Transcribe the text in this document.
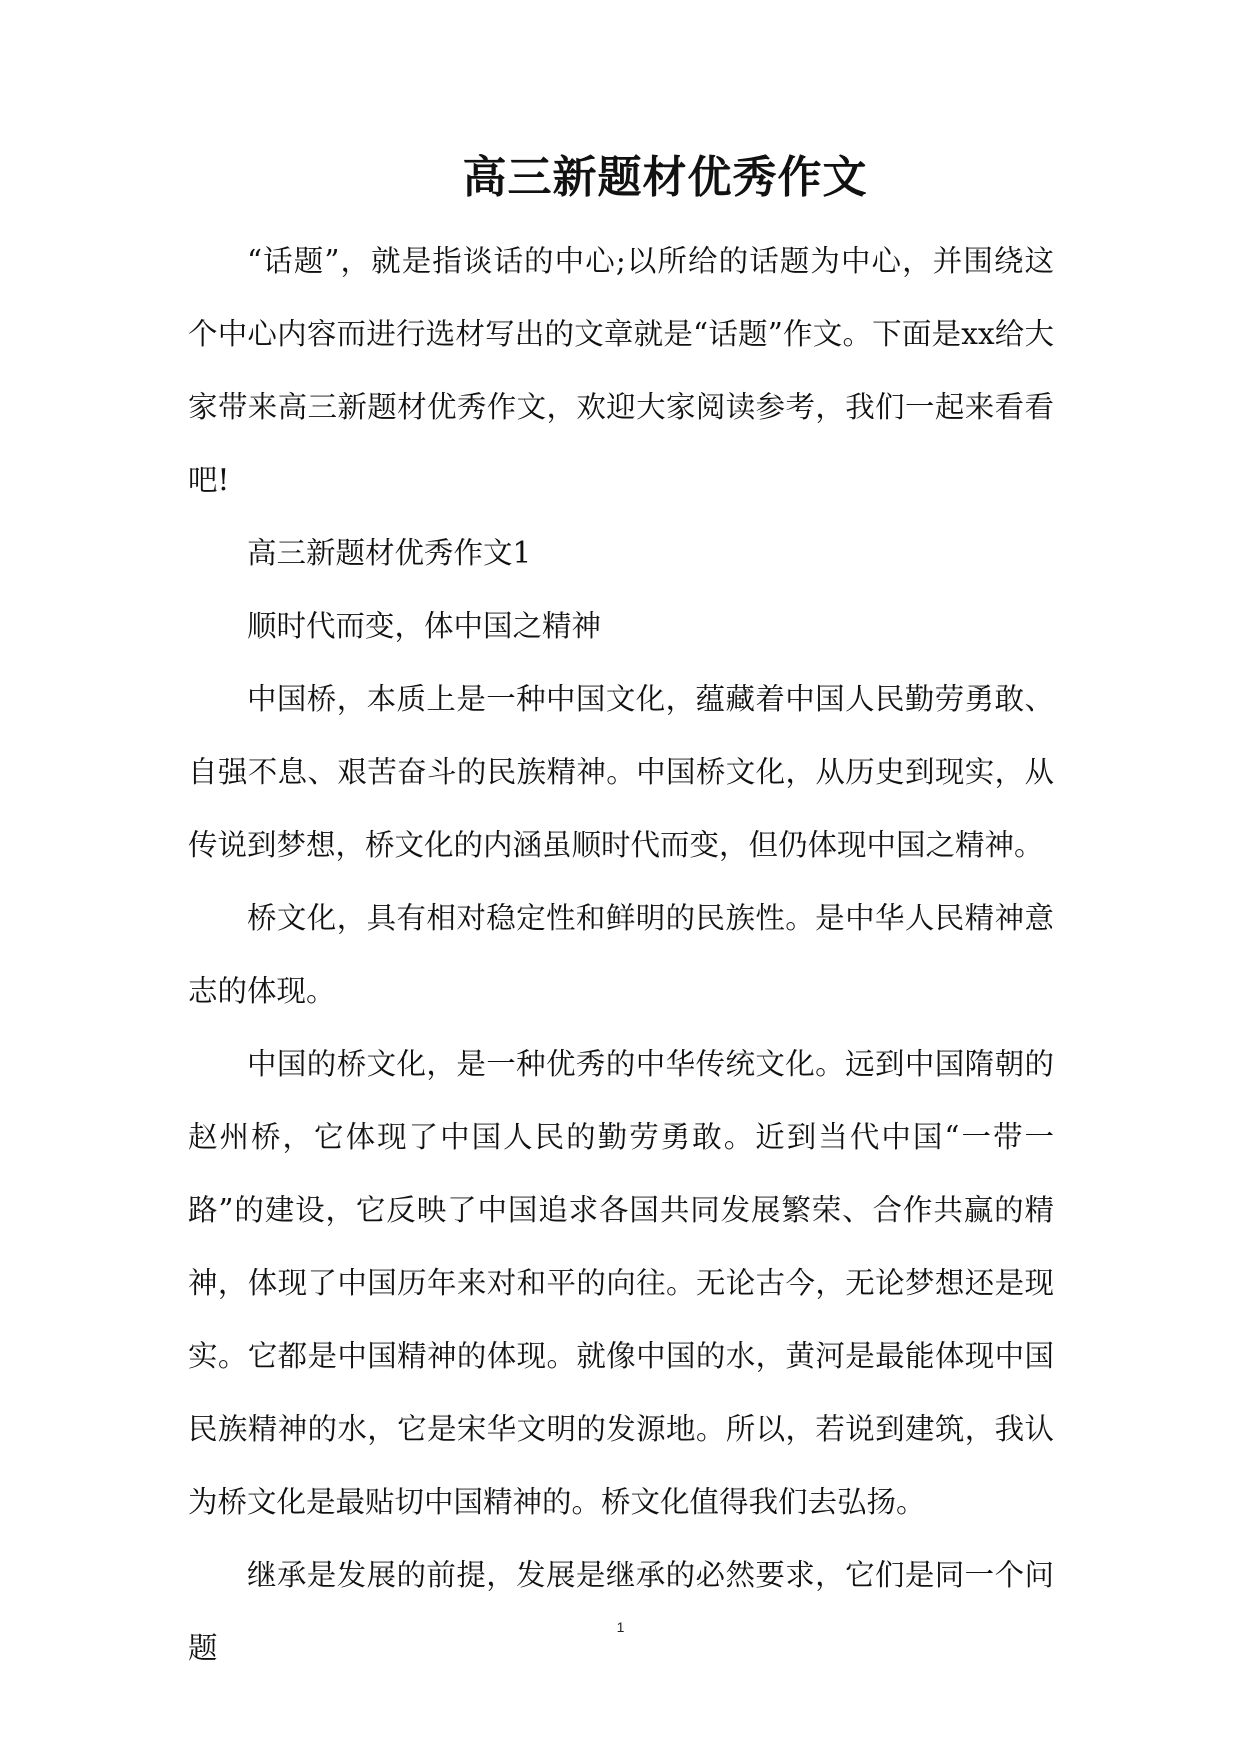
高三新题材优秀作文

“话题”，就是指谈话的中心;以所给的话题为中心，并围绕这个中心内容而进行选材写出的文章就是“话题”作文。下面是xx给大家带来高三新题材优秀作文，欢迎大家阅读参考，我们一起来看看吧!

高三新题材优秀作文1

顺时代而变，体中国之精神

中国桥，本质上是一种中国文化，蕴藏着中国人民勤劳勇敢、自强不息、艰苦奋斗的民族精神。中国桥文化，从历史到现实，从传说到梦想，桥文化的内涵虽顺时代而变，但仍体现中国之精神。

桥文化，具有相对稳定性和鲜明的民族性。是中华人民精神意志的体现。

中国的桥文化，是一种优秀的中华传统文化。远到中国隋朝的赵州桥，它体现了中国人民的勤劳勇敢。近到当代中国“一带一路”的建设，它反映了中国追求各国共同发展繁荣、合作共赢的精神，体现了中国历年来对和平的向往。无论古今，无论梦想还是现实。它都是中国精神的体现。就像中国的水，黄河是最能体现中国民族精神的水，它是宋华文明的发源地。所以，若说到建筑，我认为桥文化是最贴切中国精神的。桥文化值得我们去弘扬。

继承是发展的前提，发展是继承的必然要求，它们是同一个问题

1
